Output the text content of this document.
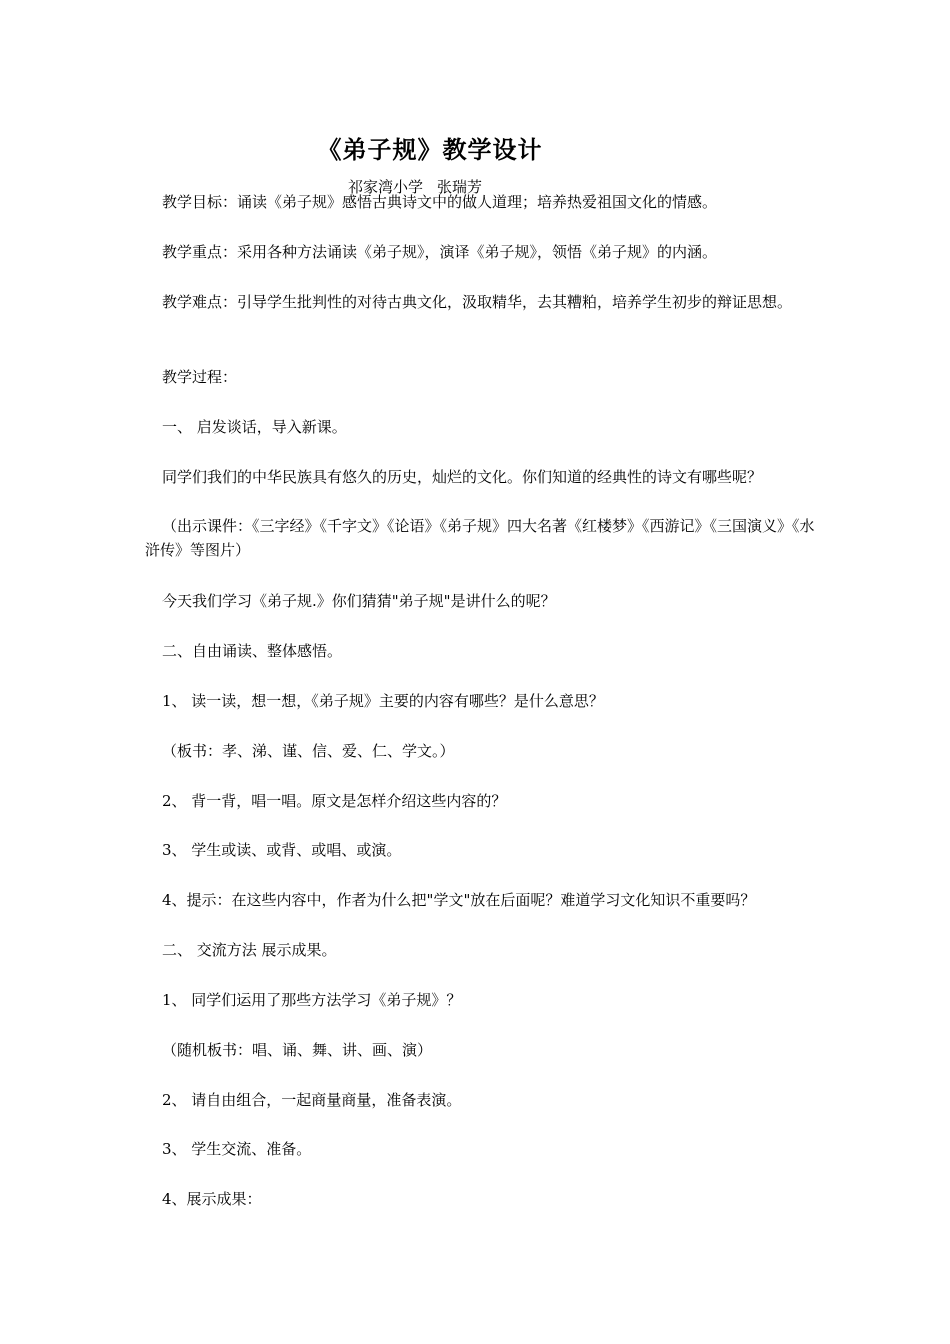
《弟子规》教学设计
祁家湾小学 张瑞芳

教学目标：诵读《弟子规》感悟古典诗文中的做人道理；培养热爱祖国文化的情感。

教学重点：采用各种方法诵读《弟子规》，演译《弟子规》，领悟《弟子规》的内涵。

教学难点：引导学生批判性的对待古典文化，汲取精华，去其糟粕，培养学生初步的辩证思想。

教学过程：

一、 启发谈话，导入新课。

同学们我们的中华民族具有悠久的历史，灿烂的文化。你们知道的经典性的诗文有哪些呢？

（出示课件：《三字经》《千字文》《论语》《弟子规》四大名著《红楼梦》《西游记》《三国演义》《水浒传》等图片）

今天我们学习《弟子规.》你们猜猜"弟子规"是讲什么的呢？

二、自由诵读、整体感悟。

1、 读一读，想一想，《弟子规》主要的内容有哪些？是什么意思？

（板书：孝、涕、谨、信、爱、仁、学文。）

2、 背一背，唱一唱。原文是怎样介绍这些内容的？

3、 学生或读、或背、或唱、或演。

4、提示：在这些内容中，作者为什么把"学文"放在后面呢？难道学习文化知识不重要吗？

二、 交流方法 展示成果。

1、 同学们运用了那些方法学习《弟子规》？

（随机板书：唱、诵、舞、讲、画、演）

2、 请自由组合，一起商量商量，准备表演。

3、 学生交流、准备。

4、展示成果：
